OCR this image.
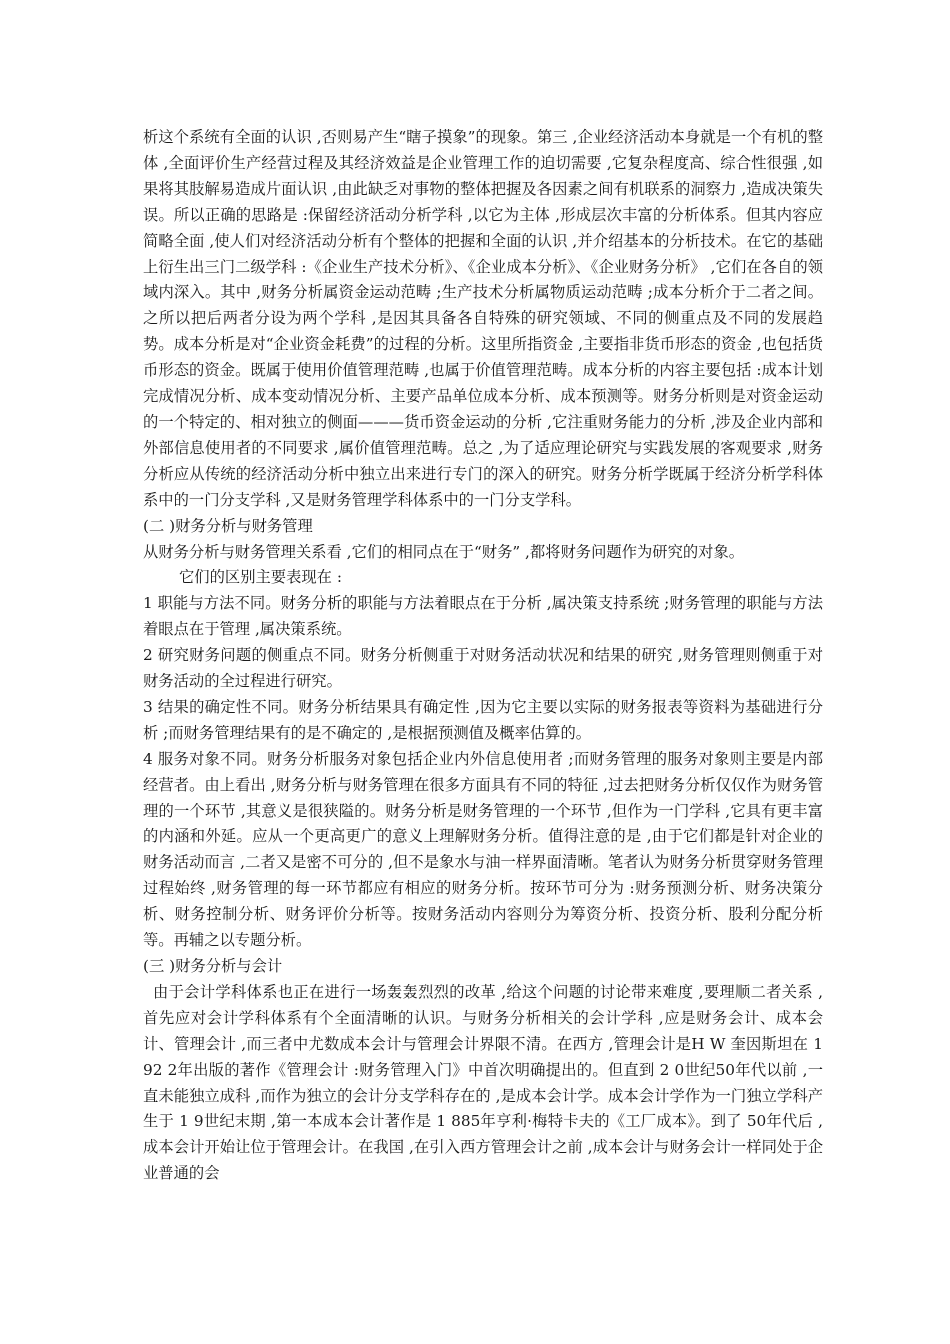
析这个系统有全面的认识 ,否则易产生“瞎子摸象”的现象。第三 ,企业经济活动本身就是一个有机的整体 ,全面评价生产经营过程及其经济效益是企业管理工作的迫切需要 ,它复杂程度高、综合性很强 ,如果将其肢解易造成片面认识 ,由此缺乏对事物的整体把握及各因素之间有机联系的洞察力 ,造成决策失误。所以正确的思路是 :保留经济活动分析学科 ,以它为主体 ,形成层次丰富的分析体系。但其内容应简略全面 ,使人们对经济活动分析有个整体的把握和全面的认识 ,并介绍基本的分析技术。在它的基础上衍生出三门二级学科 :《企业生产技术分析》、《企业成本分析》、《企业财务分析》 ,它们在各自的领域内深入。其中 ,财务分析属资金运动范畴 ;生产技术分析属物质运动范畴 ;成本分析介于二者之间。之所以把后两者分设为两个学科 ,是因其具备各自特殊的研究领域、不同的侧重点及不同的发展趋势。成本分析是对“企业资金耗费”的过程的分析。这里所指资金 ,主要指非货币形态的资金 ,也包括货币形态的资金。既属于使用价值管理范畴 ,也属于价值管理范畴。成本分析的内容主要包括 :成本计划完成情况分析、成本变动情况分析、主要产品单位成本分析、成本预测等。财务分析则是对资金运动的一个特定的、相对独立的侧面———货币资金运动的分析 ,它注重财务能力的分析 ,涉及企业内部和外部信息使用者的不同要求 ,属价值管理范畴。总之 ,为了适应理论研究与实践发展的客观要求 ,财务分析应从传统的经济活动分析中独立出来进行专门的深入的研究。财务分析学既属于经济分析学科体系中的一门分支学科 ,又是财务管理学科体系中的一门分支学科。

(二 )财务分析与财务管理

从财务分析与财务管理关系看 ,它们的相同点在于“财务” ,都将财务问题作为研究的对象。

它们的区别主要表现在 :

1 职能与方法不同。财务分析的职能与方法着眼点在于分析 ,属决策支持系统 ;财务管理的职能与方法着眼点在于管理 ,属决策系统。

2 研究财务问题的侧重点不同。财务分析侧重于对财务活动状况和结果的研究 ,财务管理则侧重于对财务活动的全过程进行研究。

3 结果的确定性不同。财务分析结果具有确定性 ,因为它主要以实际的财务报表等资料为基础进行分析 ;而财务管理结果有的是不确定的 ,是根据预测值及概率估算的。

4 服务对象不同。财务分析服务对象包括企业内外信息使用者 ;而财务管理的服务对象则主要是内部经营者。由上看出 ,财务分析与财务管理在很多方面具有不同的特征 ,过去把财务分析仅仅作为财务管理的一个环节 ,其意义是很狭隘的。财务分析是财务管理的一个环节 ,但作为一门学科 ,它具有更丰富的内涵和外延。应从一个更高更广的意义上理解财务分析。值得注意的是 ,由于它们都是针对企业的财务活动而言 ,二者又是密不可分的 ,但不是象水与油一样界面清晰。笔者认为财务分析贯穿财务管理过程始终 ,财务管理的每一环节都应有相应的财务分析。按环节可分为 :财务预测分析、财务决策分析、财务控制分析、财务评价分析等。按财务活动内容则分为筹资分析、投资分析、股利分配分析等。再辅之以专题分析。

(三 )财务分析与会计

由于会计学科体系也正在进行一场轰轰烈烈的改革 ,给这个问题的讨论带来难度 ,要理顺二者关系 ,首先应对会计学科体系有个全面清晰的认识。与财务分析相关的会计学科 ,应是财务会计、成本会计、管理会计 ,而三者中尤数成本会计与管理会计界限不清。在西方 ,管理会计是H W 奎因斯坦在 1 92 2年出版的著作《管理会计 :财务管理入门》中首次明确提出的。但直到 2 0世纪50年代以前 ,一直未能独立成科 ,而作为独立的会计分支学科存在的 ,是成本会计学。成本会计学作为一门独立学科产生于 1 9世纪末期 ,第一本成本会计著作是 1 885年亨利·梅特卡夫的《工厂成本》。到了 50年代后 ,成本会计开始让位于管理会计。在我国 ,在引入西方管理会计之前 ,成本会计与财务会计一样同处于企业普通的会
